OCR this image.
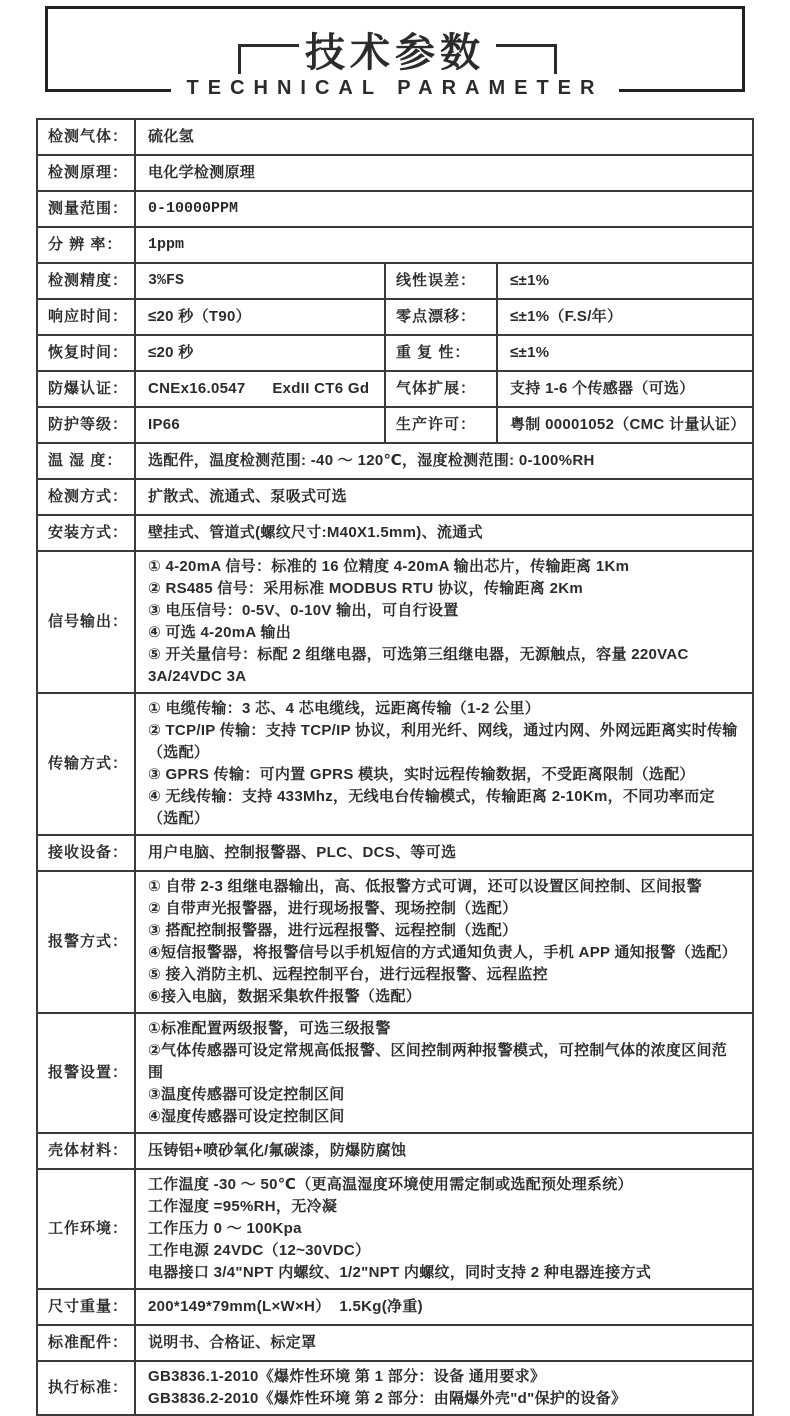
技术参数
TECHNICAL PARAMETER
检测气体：	硫化氢		
检测原理：	电化学检测原理		
测量范围：	0-10000PPM		
分 辨 率：	1ppm		
检测精度：	3%FS	线性误差：	≤±1%
响应时间：	≤20 秒（T90）	零点漂移：	≤±1%（F.S/年）
恢复时间：	≤20 秒	重 复 性：	≤±1%
防爆认证：	CNEx16.0547      ExdII CT6 Gd	气体扩展：	支持 1-6 个传感器（可选）
防护等级：	IP66	生产许可：	粤制 00001052（CMC 计量认证）
温 湿 度：	选配件，温度检测范围: -40 ～ 120℃，湿度检测范围: 0-100%RH		
检测方式：	扩散式、流通式、泵吸式可选		
安装方式：	壁挂式、管道式(螺纹尺寸:M40X1.5mm)、流通式		
信号输出：	① 4-20mA 信号：标准的 16 位精度 4-20mA 输出芯片，传输距离 1Km
② RS485 信号：采用标准 MODBUS RTU 协议，传输距离 2Km
③ 电压信号：0-5V、0-10V 输出，可自行设置
④ 可选 4-20mA 输出
⑤ 开关量信号：标配 2 组继电器，可选第三组继电器，无源触点，容量 220VAC 3A/24VDC 3A		

传输方式：	① 电缆传输：3 芯、4 芯电缆线，远距离传输（1-2 公里）
② TCP/IP 传输：支持 TCP/IP 协议，利用光纤、网线，通过内网、外网远距离实时传输（选配）
③ GPRS 传输：可内置 GPRS 模块，实时远程传输数据，不受距离限制（选配）
④ 无线传输：支持 433Mhz，无线电台传输模式，传输距离 2-10Km，不同功率而定（选配）		

接收设备：	用户电脑、控制报警器、PLC、DCS、等可选		
报警方式：	
① 自带 2-3 组继电器输出，高、低报警方式可调，还可以设置区间控制、区间报警
② 自带声光报警器，进行现场报警、现场控制（选配）
③ 搭配控制报警器，进行远程报警、远程控制（选配）
④短信报警器，将报警信号以手机短信的方式通知负责人，手机 APP 通知报警（选配）
⑤ 接入消防主机、远程控制平台，进行远程报警、远程监控
⑥接入电脑，数据采集软件报警（选配）

报警设置：	①标准配置两级报警，可选三级报警
②气体传感器可设定常规高低报警、区间控制两种报警模式，可控制气体的浓度区间范围
③温度传感器可设定控制区间
④湿度传感器可设定控制区间		

壳体材料：	压铸铝+喷砂氧化/氟碳漆，防爆防腐蚀		
工作环境：	工作温度 -30 ～ 50℃（更高温湿度环境使用需定制或选配预处理系统）
工作湿度 =95%RH，无冷凝
工作压力 0 ～ 100Kpa
工作电源 24VDC（12~30VDC）
电器接口 3/4"NPT 内螺纹、1/2"NPT 内螺纹，同时支持 2 种电器连接方式		

尺寸重量：	200*149*79mm(L×W×H）  1.5Kg(净重)		
标准配件：	说明书、合格证、标定罩		
执行标准：	GB3836.1-2010《爆炸性环境 第 1 部分：设备 通用要求》
GB3836.2-2010《爆炸性环境 第 2 部分：由隔爆外壳"d"保护的设备》		
